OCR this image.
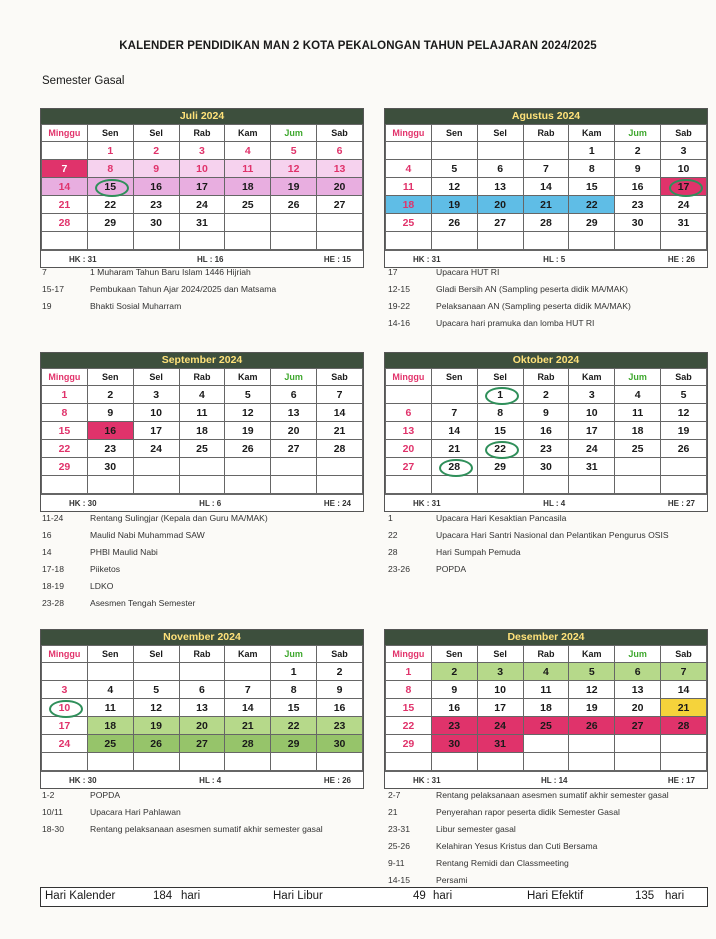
KALENDER PENDIDIKAN MAN 2 KOTA PEKALONGAN TAHUN PELAJARAN 2024/2025
Semester Gasal
Juli 2024
Minggu	Sen	Sel	Rab	Kam	Jum	Sab
	1	2	3	4	5	6
7	8	9	10	11	12	13
14	15	16	17	18	19	20
21	22	23	24	25	26	27
28	29	30	31			

HK : 31	HL : 16	HE : 15
Agustus 2024
Minggu	Sen	Sel	Rab	Kam	Jum	Sab
				1	2	3
4	5	6	7	8	9	10
11	12	13	14	15	16	17
18	19	20	21	22	23	24
25	26	27	28	29	30	31

HK : 31	HL : 5	HE : 26
September 2024
Minggu	Sen	Sel	Rab	Kam	Jum	Sab
1	2	3	4	5	6	7
8	9	10	11	12	13	14
15	16	17	18	19	20	21
22	23	24	25	26	27	28
29	30					

HK : 30	HL : 6	HE : 24
Oktober 2024
Minggu	Sen	Sel	Rab	Kam	Jum	Sab
		1	2	3	4	5
6	7	8	9	10	11	12
13	14	15	16	17	18	19
20	21	22	23	24	25	26
27	28	29	30	31		

HK : 31	HL : 4	HE : 27
November 2024
Minggu	Sen	Sel	Rab	Kam	Jum	Sab
					1	2
3	4	5	6	7	8	9
10	11	12	13	14	15	16
17	18	19	20	21	22	23
24	25	26	27	28	29	30

HK : 30	HL : 4	HE : 26
Desember 2024
Minggu	Sen	Sel	Rab	Kam	Jum	Sab
1	2	3	4	5	6	7
8	9	10	11	12	13	14
15	16	17	18	19	20	21
22	23	24	25	26	27	28
29	30	31				

HK : 31	HL : 14	HE : 17
7	1 Muharam Tahun Baru Islam 1446 Hijriah
15-17	Pembukaan Tahun Ajar 2024/2025 dan Matsama
19	Bhakti Sosial Muharram
17	Upacara HUT RI
12-15	Gladi Bersih AN (Sampling peserta didik MA/MAK)
19-22	Pelaksanaan AN (Sampling peserta didik MA/MAK)
14-16	Upacara hari pramuka dan lomba HUT RI
11-24	Rentang Sulingjar (Kepala dan Guru MA/MAK)
16	Maulid Nabi Muhammad SAW
14	PHBI Maulid Nabi
17-18	Piiketos
18-19	LDKO
23-28	Asesmen Tengah Semester
1	Upacara Hari Kesaktian Pancasila
22	Upacara Hari Santri Nasional dan Pelantikan Pengurus OSIS
28	Hari Sumpah Pemuda
23-26	POPDA
1-2	POPDA
10/11	Upacara Hari Pahlawan
18-30	Rentang pelaksanaan asesmen sumatif akhir semester gasal
2-7	Rentang pelaksanaan asesmen sumatif akhir semester gasal
21	Penyerahan rapor peserta didik Semester Gasal
23-31	Libur semester gasal
25-26	Kelahiran Yesus Kristus dan Cuti Bersama
9-11	Rentang Remidi dan Classmeeting
14-15	Persami
Hari Kalender	184 hari	Hari Libur	49 hari	Hari Efektif	135 hari
